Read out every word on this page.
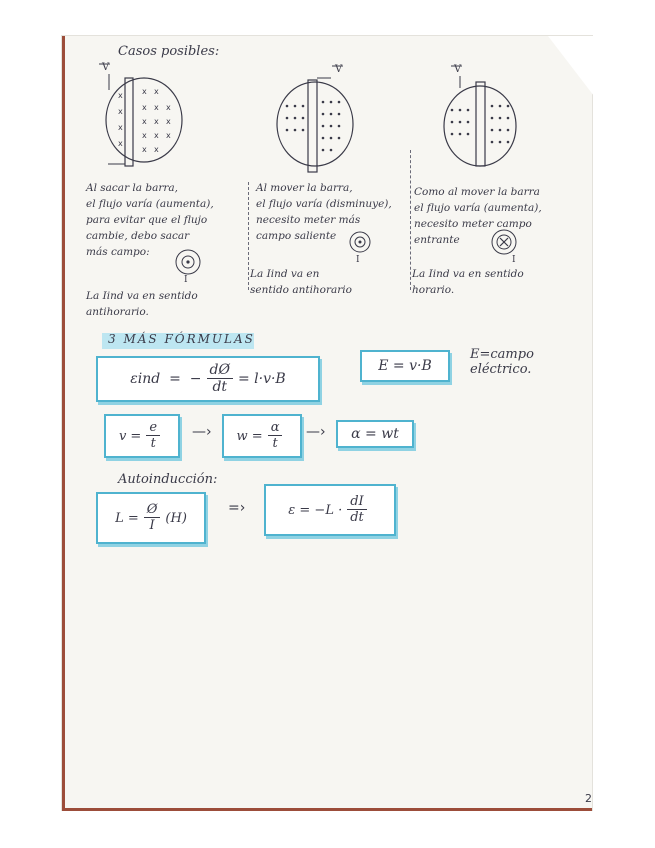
Casos posibles:
V
x
x
x
x
x x
x x x
x x x
x x x
x x
V	V
Al sacar la barra,
el flujo varía (aumenta),
para evitar que el flujo
cambie, debo sacar
más campo:
I
La Iind va en sentido
antihorario.
Al mover la barra,
el flujo varía (disminuye),
necesito meter más
campo saliente
I
La Iind va en
sentido antihorario
Como al mover la barra
el flujo varía (aumenta),
necesito meter campo
entrante
I
La Iind va en sentido
horario.
3 MÁS FÓRMULAS
εind
=
− $\frac{dØ}{dt} = l\cdot v\cdot B$
E = v·B
E=campo
eléctrico.
$v = \frac{e}{t}$ —› $w = \frac{\alpha}{t}$ —›	α = wt
Autoinducción:
$L = \frac{Ø}{I} (H)$
=›	$\varepsilon = -L \cdot \frac{dI}{dt}$
2
